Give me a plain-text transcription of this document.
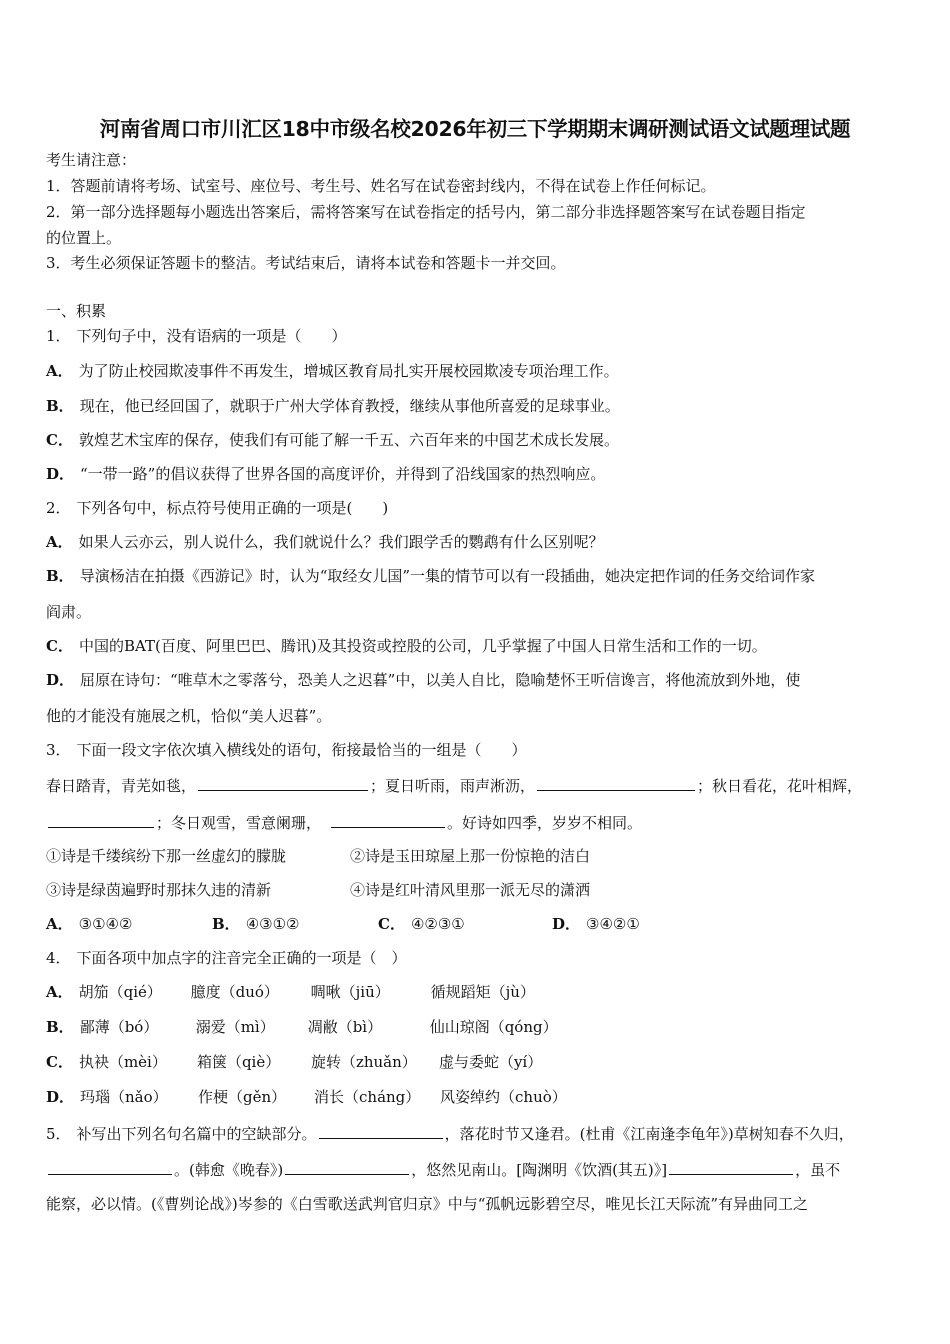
河南省周口市川汇区18中市级名校2026年初三下学期期末调研测试语文试题理试题
考生请注意：
1．答题前请将考场、试室号、座位号、考生号、姓名写在试卷密封线内，不得在试卷上作任何标记。
2．第一部分选择题每小题选出答案后，需将答案写在试卷指定的括号内，第二部分非选择题答案写在试卷题目指定
的位置上。
3．考生必须保证答题卡的整洁。考试结束后，请将本试卷和答题卡一并交回。
一、积累
1． 下列句子中，没有语病的一项是（　　）
A． 为了防止校园欺凌事件不再发生，增城区教育局扎实开展校园欺凌专项治理工作。
B． 现在，他已经回国了，就职于广州大学体育教授，继续从事他所喜爱的足球事业。
C． 敦煌艺术宝库的保存，使我们有可能了解一千五、六百年来的中国艺术成长发展。
D． “一带一路”的倡议获得了世界各国的高度评价，并得到了沿线国家的热烈响应。
2． 下列各句中，标点符号使用正确的一项是(　　)
A． 如果人云亦云，别人说什么，我们就说什么？我们跟学舌的鹦鹉有什么区别呢？
B． 导演杨洁在拍摄《西游记》时，认为“取经女儿国”一集的情节可以有一段插曲，她决定把作词的任务交给词作家
阎肃。
C． 中国的BAT(百度、阿里巴巴、腾讯)及其投资或控股的公司，几乎掌握了中国人日常生活和工作的一切。
D． 屈原在诗句：“唯草木之零落兮，恐美人之迟暮”中，以美人自比，隐喻楚怀王听信谗言，将他流放到外地，使
他的才能没有施展之机，恰似“美人迟暮”。
3． 下面一段文字依次填入横线处的语句，衔接最恰当的一组是（　　）
春日踏青，青芜如毯，	；夏日听雨，雨声淅沥，	；秋日看花，花叶相辉，
；冬日观雪，雪意阑珊，	。好诗如四季，岁岁不相同。
①诗是千缕缤纷下那一丝虚幻的朦胧	②诗是玉田琼屋上那一份惊艳的洁白
③诗是绿茵遍野时那抹久违的清新	④诗是红叶清风里那一派无尽的潇洒
A． ③①④②	B． ④③①②	C． ④②③①	D． ③④②①
4． 下面各项中加点字的注音完全正确的一项是（　）
A． 胡笳（qié） 臆度（duó） 啁啾（jiū）	循规蹈矩（jù）
B． 鄙薄（bó） 溺爱（mì） 凋敝（bì）	仙山琼阁（qóng）
C． 执袂（mèi） 箱箧（qiè） 旋转（zhuǎn） 虚与委蛇（yí）
D． 玛瑙（nǎo） 作梗（gěn） 消长（cháng） 风姿绰约（chuò）
5． 补写出下列名句名篇中的空缺部分。	，落花时节又逢君。(杜甫《江南逢李龟年》)草树知春不久归，
。(韩愈《晚春》)	，悠然见南山。[陶渊明《饮酒(其五)》]	，虽不
能察，必以情。(《曹刿论战》)岑参的《白雪歌送武判官归京》中与“孤帆远影碧空尽，唯见长江天际流”有异曲同工之
